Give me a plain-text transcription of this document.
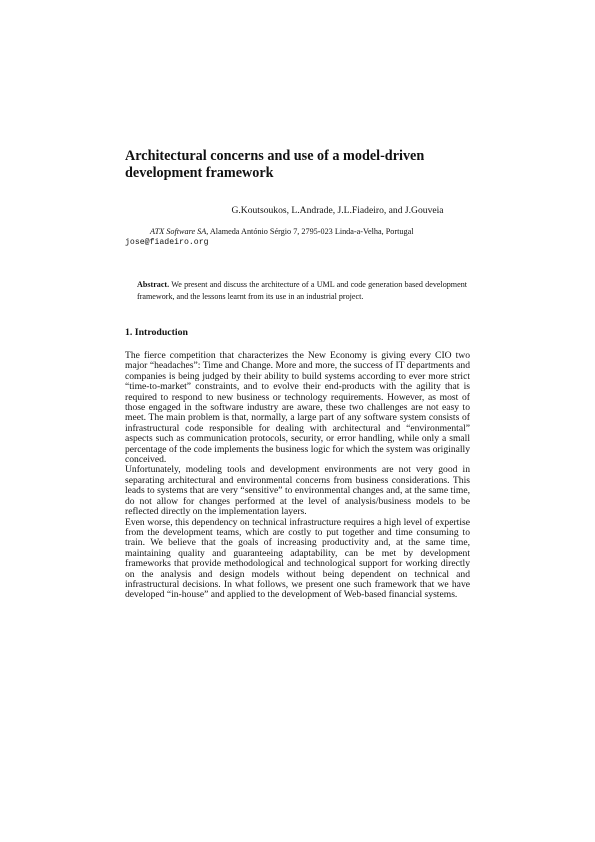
Architectural concerns and use of a model-driven development framework
G.Koutsoukos, L.Andrade, J.L.Fiadeiro, and J.Gouveia
ATX Software SA, Alameda António Sérgio 7, 2795-023 Linda-a-Velha, Portugal
jose@fiadeiro.org
Abstract. We present and discuss the architecture of a UML and code generation based development framework, and the lessons learnt from its use in an industrial project.
1. Introduction

The fierce competition that characterizes the New Economy is giving every CIO two major “headaches”: Time and Change. More and more, the success of IT departments and companies is being judged by their ability to build systems according to ever more strict “time-to-market” constraints, and to evolve their end-products with the agility that is required to respond to new business or technology requirements. However, as most of those engaged in the software industry are aware, these two challenges are not easy to meet. The main problem is that, normally, a large part of any software system consists of infrastructural code responsible for dealing with architectural and “environmental” aspects such as communication protocols, security, or error handling, while only a small percentage of the code implements the business logic for which the system was originally conceived.

Unfortunately, modeling tools and development environments are not very good in separating architectural and environmental concerns from business considerations. This leads to systems that are very “sensitive” to environmental changes and, at the same time, do not allow for changes performed at the level of analysis/business models to be reflected directly on the implementation layers.

Even worse, this dependency on technical infrastructure requires a high level of expertise from the development teams, which are costly to put together and time consuming to train. We believe that the goals of increasing productivity and, at the same time, maintaining quality and guaranteeing adaptability, can be met by development frameworks that provide methodological and technological support for working directly on the analysis and design models without being dependent on technical and infrastructural decisions. In what follows, we present one such framework that we have developed “in-house” and applied to the development of Web-based financial systems.
